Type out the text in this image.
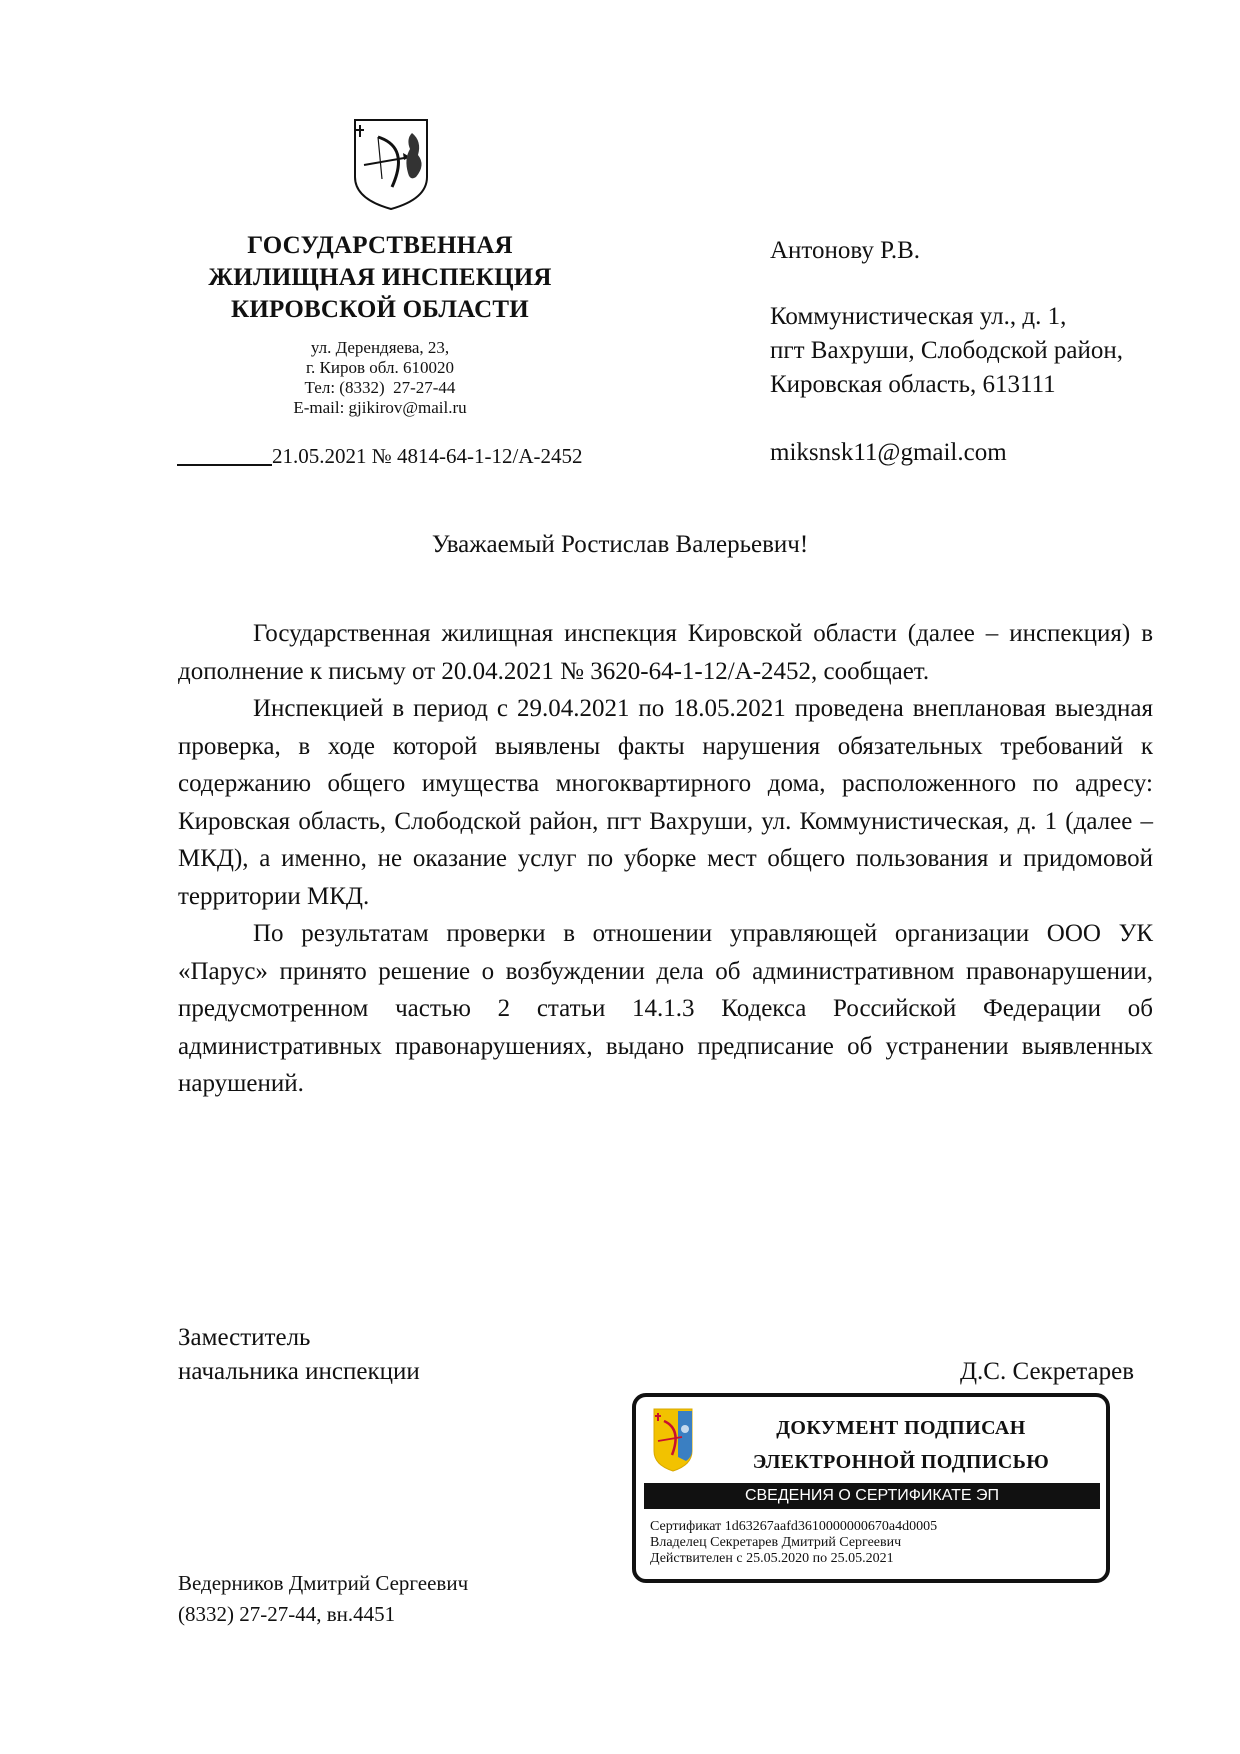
ГОСУДАРСТВЕННАЯ
ЖИЛИЩНАЯ ИНСПЕКЦИЯ
КИРОВСКОЙ ОБЛАСТИ
ул. Дерендяева, 23,
г. Киров обл. 610020
Тел: (8332)  27-27-44
E-mail: gjikirov@mail.ru
21.05.2021 № 4814-64-1-12/А-2452
Антонову Р.В.
Коммунистическая ул., д. 1,
пгт Вахруши, Слободской район,
Кировская область, 613111
miksnsk11@gmail.com
Уважаемый Ростислав Валерьевич!

Государственная жилищная инспекция Кировской области (далее – инспекция) в дополнение к письму от 20.04.2021 № 3620-64-1-12/А-2452, сообщает.

Инспекцией в период с 29.04.2021 по 18.05.2021 проведена внеплановая выездная проверка, в ходе которой выявлены факты нарушения обязательных требований к содержанию общего имущества многоквартирного дома, расположенного по адресу: Кировская область, Слободской район, пгт Вахруши, ул. Коммунистическая, д. 1 (далее – МКД), а именно, не оказание услуг по уборке мест общего пользования и придомовой территории МКД.

По результатам проверки в отношении управляющей организации ООО УК «Парус» принято решение о возбуждении дела об административном правонарушении, предусмотренном частью 2 статьи 14.1.3 Кодекса Российской Федерации об административных правонарушениях, выдано предписание об устранении выявленных нарушений.

Заместитель
начальника инспекции	Д.С. Секретарев
ДОКУМЕНТ ПОДПИСАН
ЭЛЕКТРОННОЙ ПОДПИСЬЮ
СВЕДЕНИЯ О СЕРТИФИКАТЕ ЭП
Сертификат 1d63267aafd3610000000670a4d0005
Владелец Секретарев Дмитрий Сергеевич
Действителен с 25.05.2020 по 25.05.2021
Ведерников Дмитрий Сергеевич
(8332) 27-27-44, вн.4451
